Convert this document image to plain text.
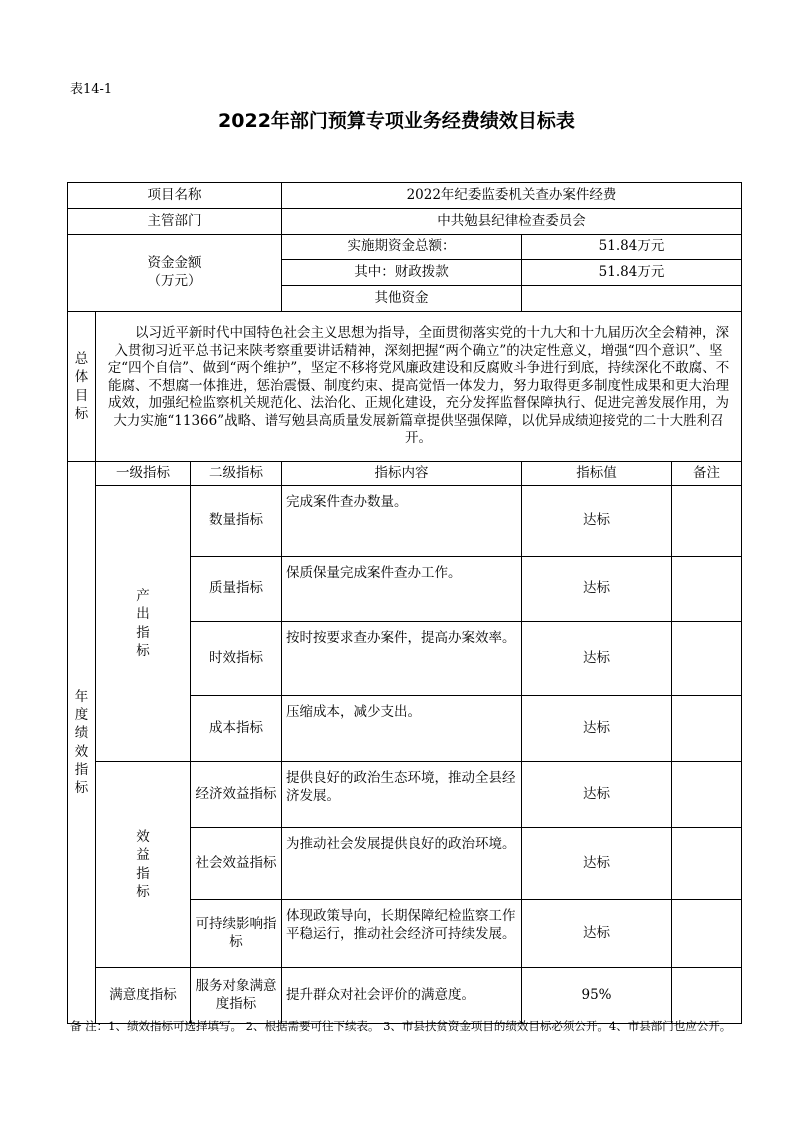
表14-1
2022年部门预算专项业务经费绩效目标表
项目名称			2022年纪委监委机关查办案件经费		
主管部门			中共勉县纪律检查委员会		

资金金额
（万元）			实施期资金总额：	51.84万元	
			其中：财政拨款	51.84万元	
			其他资金		

总体目标	以习近平新时代中国特色社会主义思想为指导，全面贯彻落实党的十九大和十九届历次全会精神，深入贯彻习近平总书记来陕考察重要讲话精神，深刻把握“两个确立”的决定性意义，增强“四个意识”、坚定“四个自信”、做到“两个维护”，坚定不移将党风廉政建设和反腐败斗争进行到底，持续深化不敢腐、不能腐、不想腐一体推进，惩治震慑、制度约束、提高觉悟一体发力，努力取得更多制度性成果和更大治理成效，加强纪检监察机关规范化、法治化、正规化建设，充分发挥监督保障执行、促进完善发展作用，为大力实施“11366”战略、谱写勉县高质量发展新篇章提供坚强保障，以优异成绩迎接党的二十大胜利召开。				

年度绩效指标	一级指标	二级指标	指标内容	指标值	备注

	产出指标	数量指标	完成案件查办数量。	达标	
		质量指标	保质保量完成案件查办工作。	达标	
		时效指标	按时按要求查办案件，提高办案效率。	达标	
		成本指标	压缩成本，减少支出。	达标	

	效益指标	经济效益指标	提供良好的政治生态环境，推动全县经济发展。	达标	
		社会效益指标	为推动社会发展提供良好的政治环境。	达标	
		可持续影响指标	体现政策导向，长期保障纪检监察工作平稳运行，推动社会经济可持续发展。	达标	
	满意度指标	服务对象满意度指标	提升群众对社会评价的满意度。	95%	
备 注：1、绩效指标可选择填写。 2、根据需要可往下续表。 3、市县扶贫资金项目的绩效目标必须公开。4、市县部门也应公开。
